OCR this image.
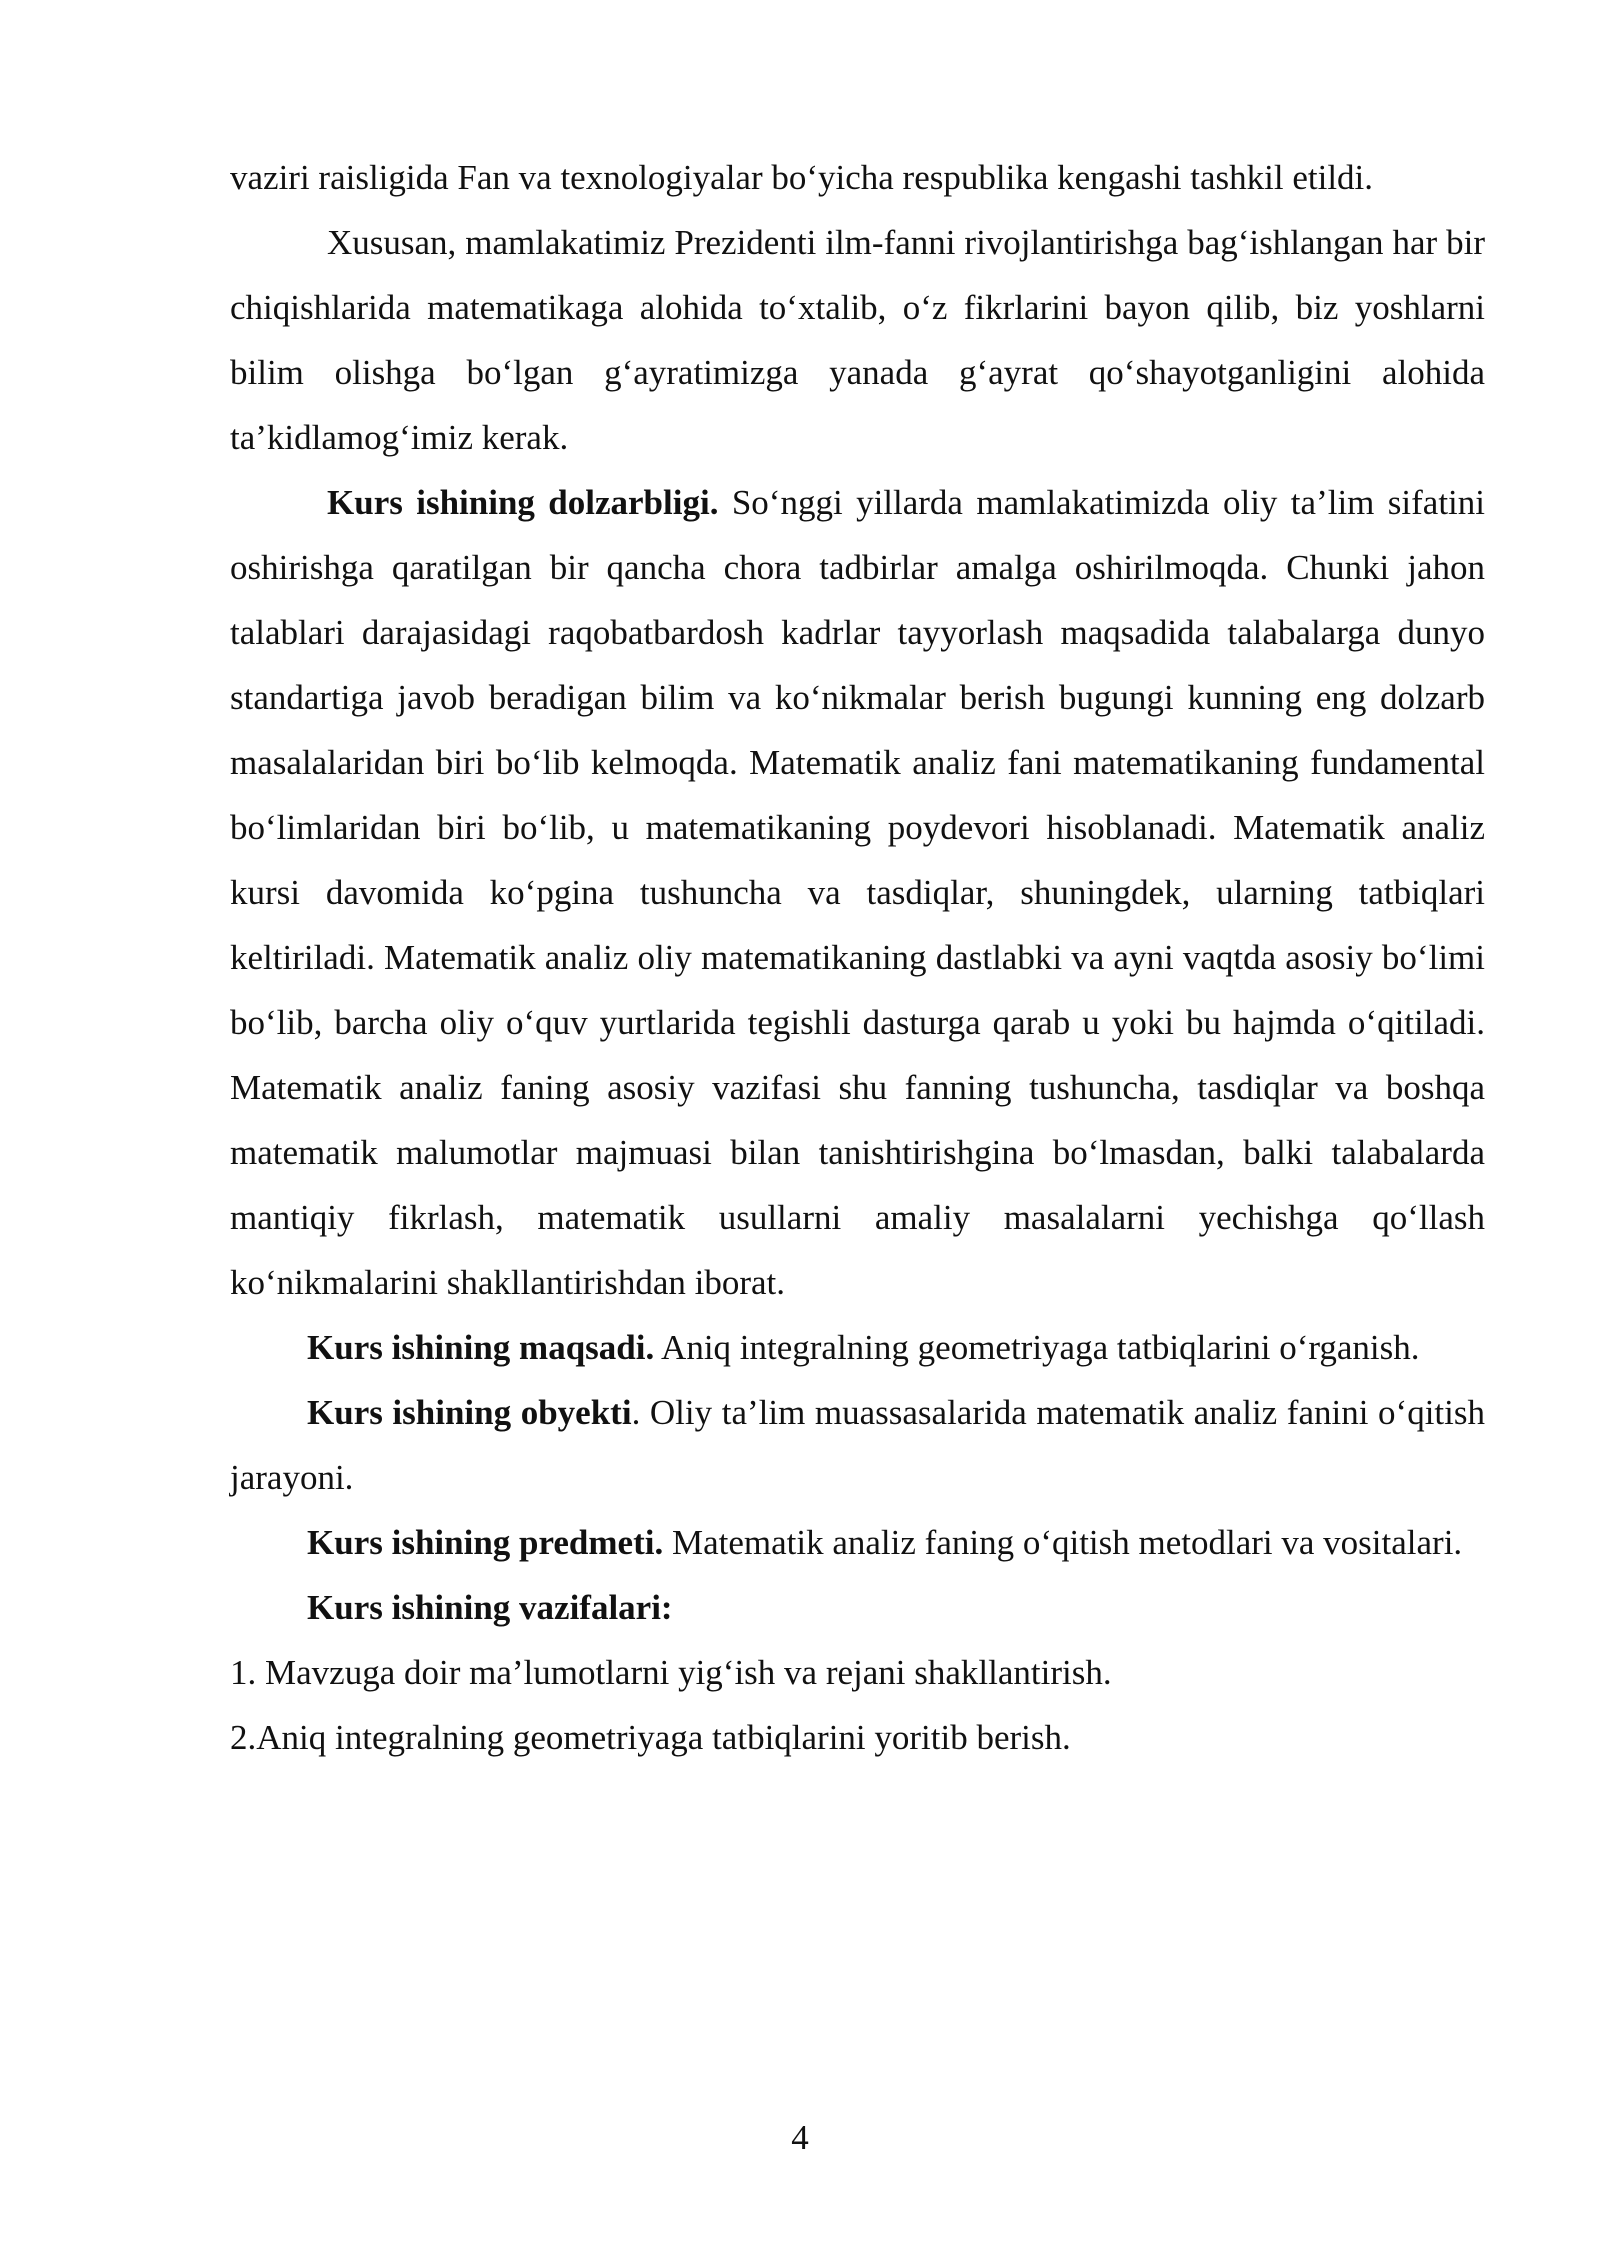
vaziri raisligida Fan va texnologiyalar bo‘yicha respublika kengashi tashkil etildi.

Xususan, mamlakatimiz Prezidenti ilm-fanni rivojlantirishga bag‘ishlangan har bir chiqishlarida matematikaga alohida to‘xtalib, o‘z fikrlarini bayon qilib, biz yoshlarni bilim olishga bo‘lgan g‘ayratimizga yanada g‘ayrat qo‘shayotganligini alohida ta’kidlamog‘imiz kerak.

Kurs ishining dolzarbligi. So‘nggi yillarda mamlakatimizda oliy ta’lim sifatini oshirishga qaratilgan bir qancha chora tadbirlar amalga oshirilmoqda. Chunki jahon talablari darajasidagi raqobatbardosh kadrlar tayyorlash maqsadida talabalarga dunyo standartiga javob beradigan bilim va ko‘nikmalar berish bugungi kunning eng dolzarb masalalaridan biri bo‘lib kelmoqda. Matematik analiz fani matematikaning fundamental bo‘limlaridan biri bo‘lib, u matematikaning poydevori hisoblanadi. Matematik analiz kursi davomida ko‘pgina tushuncha va tasdiqlar, shuningdek, ularning tatbiqlari keltiriladi. Matematik analiz oliy matematikaning dastlabki va ayni vaqtda asosiy bo‘limi bo‘lib, barcha oliy o‘quv yurtlarida tegishli dasturga qarab u yoki bu hajmda o‘qitiladi. Matematik analiz faning asosiy vazifasi shu fanning tushuncha, tasdiqlar va boshqa matematik malumotlar majmuasi bilan tanishtirishgina bo‘lmasdan, balki talabalarda mantiqiy fikrlash, matematik usullarni amaliy masalalarni yechishga qo‘llash ko‘nikmalarini shakllantirishdan iborat.

Kurs ishining maqsadi. Aniq integralning geometriyaga tatbiqlarini o‘rganish.

Kurs ishining obyekti. Oliy ta’lim muassasalarida matematik analiz fanini o‘qitish jarayoni.

Kurs ishining predmeti. Matematik analiz faning o‘qitish metodlari va vositalari.

Kurs ishining vazifalari:

1. Mavzuga doir ma’lumotlarni yig‘ish va rejani shakllantirish.

2.Aniq integralning geometriyaga tatbiqlarini yoritib berish.

4
